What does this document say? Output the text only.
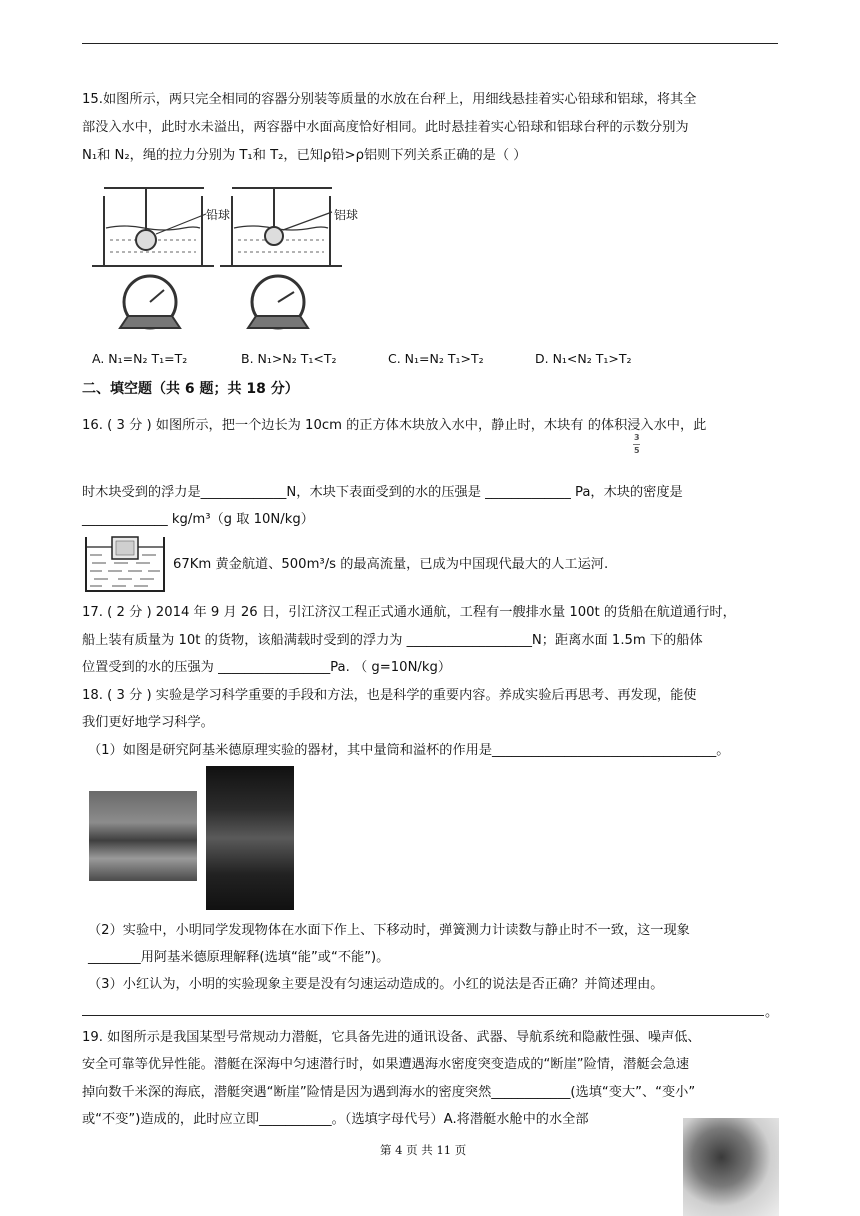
15.如图所示，两只完全相同的容器分别装等质量的水放在台秤上，用细线悬挂着实心铅球和铝球，将其全
部没入水中，此时水未溢出，两容器中水面高度恰好相同。此时悬挂着实心铅球和铝球台秤的示数分别为
N₁和 N₂，绳的拉力分别为 T₁和 T₂，已知ρ铅>ρ铝则下列关系正确的是（ ）
铅球	铝球
A. N₁=N₂ T₁=T₂	B. N₁>N₂ T₁<T₂	C. N₁=N₂ T₁>T₂	D. N₁<N₂ T₁>T₂
二、填空题（共 6 题；共 18 分）
16. ( 3 分 ) 如图所示，把一个边长为 10cm 的正方体木块放入水中，静止时，木块有 的体积浸入水中，此
3
5
时木块受到的浮力是_____________N，木块下表面受到的水的压强是 _____________ Pa，木块的密度是
_____________ kg/m³（g 取 10N/kg）
67Km 黄金航道、500m³/s 的最高流量，已成为中国现代最大的人工运河.
17. ( 2 分 ) 2014 年 9 月 26 日，引江济汉工程正式通水通航，工程有一艘排水量 100t 的货船在航道通行时，
船上装有质量为 10t 的货物，该船满载时受到的浮力为 ___________________N；距离水面 1.5m 下的船体
位置受到的水的压强为 _________________Pa. （ g=10N/kg）
18. ( 3 分 ) 实验是学习科学重要的手段和方法，也是科学的重要内容。养成实验后再思考、再发现，能使
我们更好地学习科学。
（1）如图是研究阿基米德原理实验的器材，其中量筒和溢杯的作用是__________________________________。
（2）实验中，小明同学发现物体在水面下作上、下移动时，弹簧测力计读数与静止时不一致，这一现象
________用阿基米德原理解释(选填“能”或“不能”)。
（3）小红认为，小明的实验现象主要是没有匀速运动造成的。小红的说法是否正确？并简述理由。
。
19. 如图所示是我国某型号常规动力潜艇，它具备先进的通讯设备、武器、导航系统和隐蔽性强、噪声低、
安全可靠等优异性能。潜艇在深海中匀速潜行时，如果遭遇海水密度突变造成的“断崖”险情，潜艇会急速
掉向数千米深的海底，潜艇突遇“断崖”险情是因为遇到海水的密度突然____________(选填“变大”、“变小”
或“不变”)造成的，此时应立即___________。（选填字母代号）A.将潜艇水舱中的水全部
第 4 页 共 11 页
